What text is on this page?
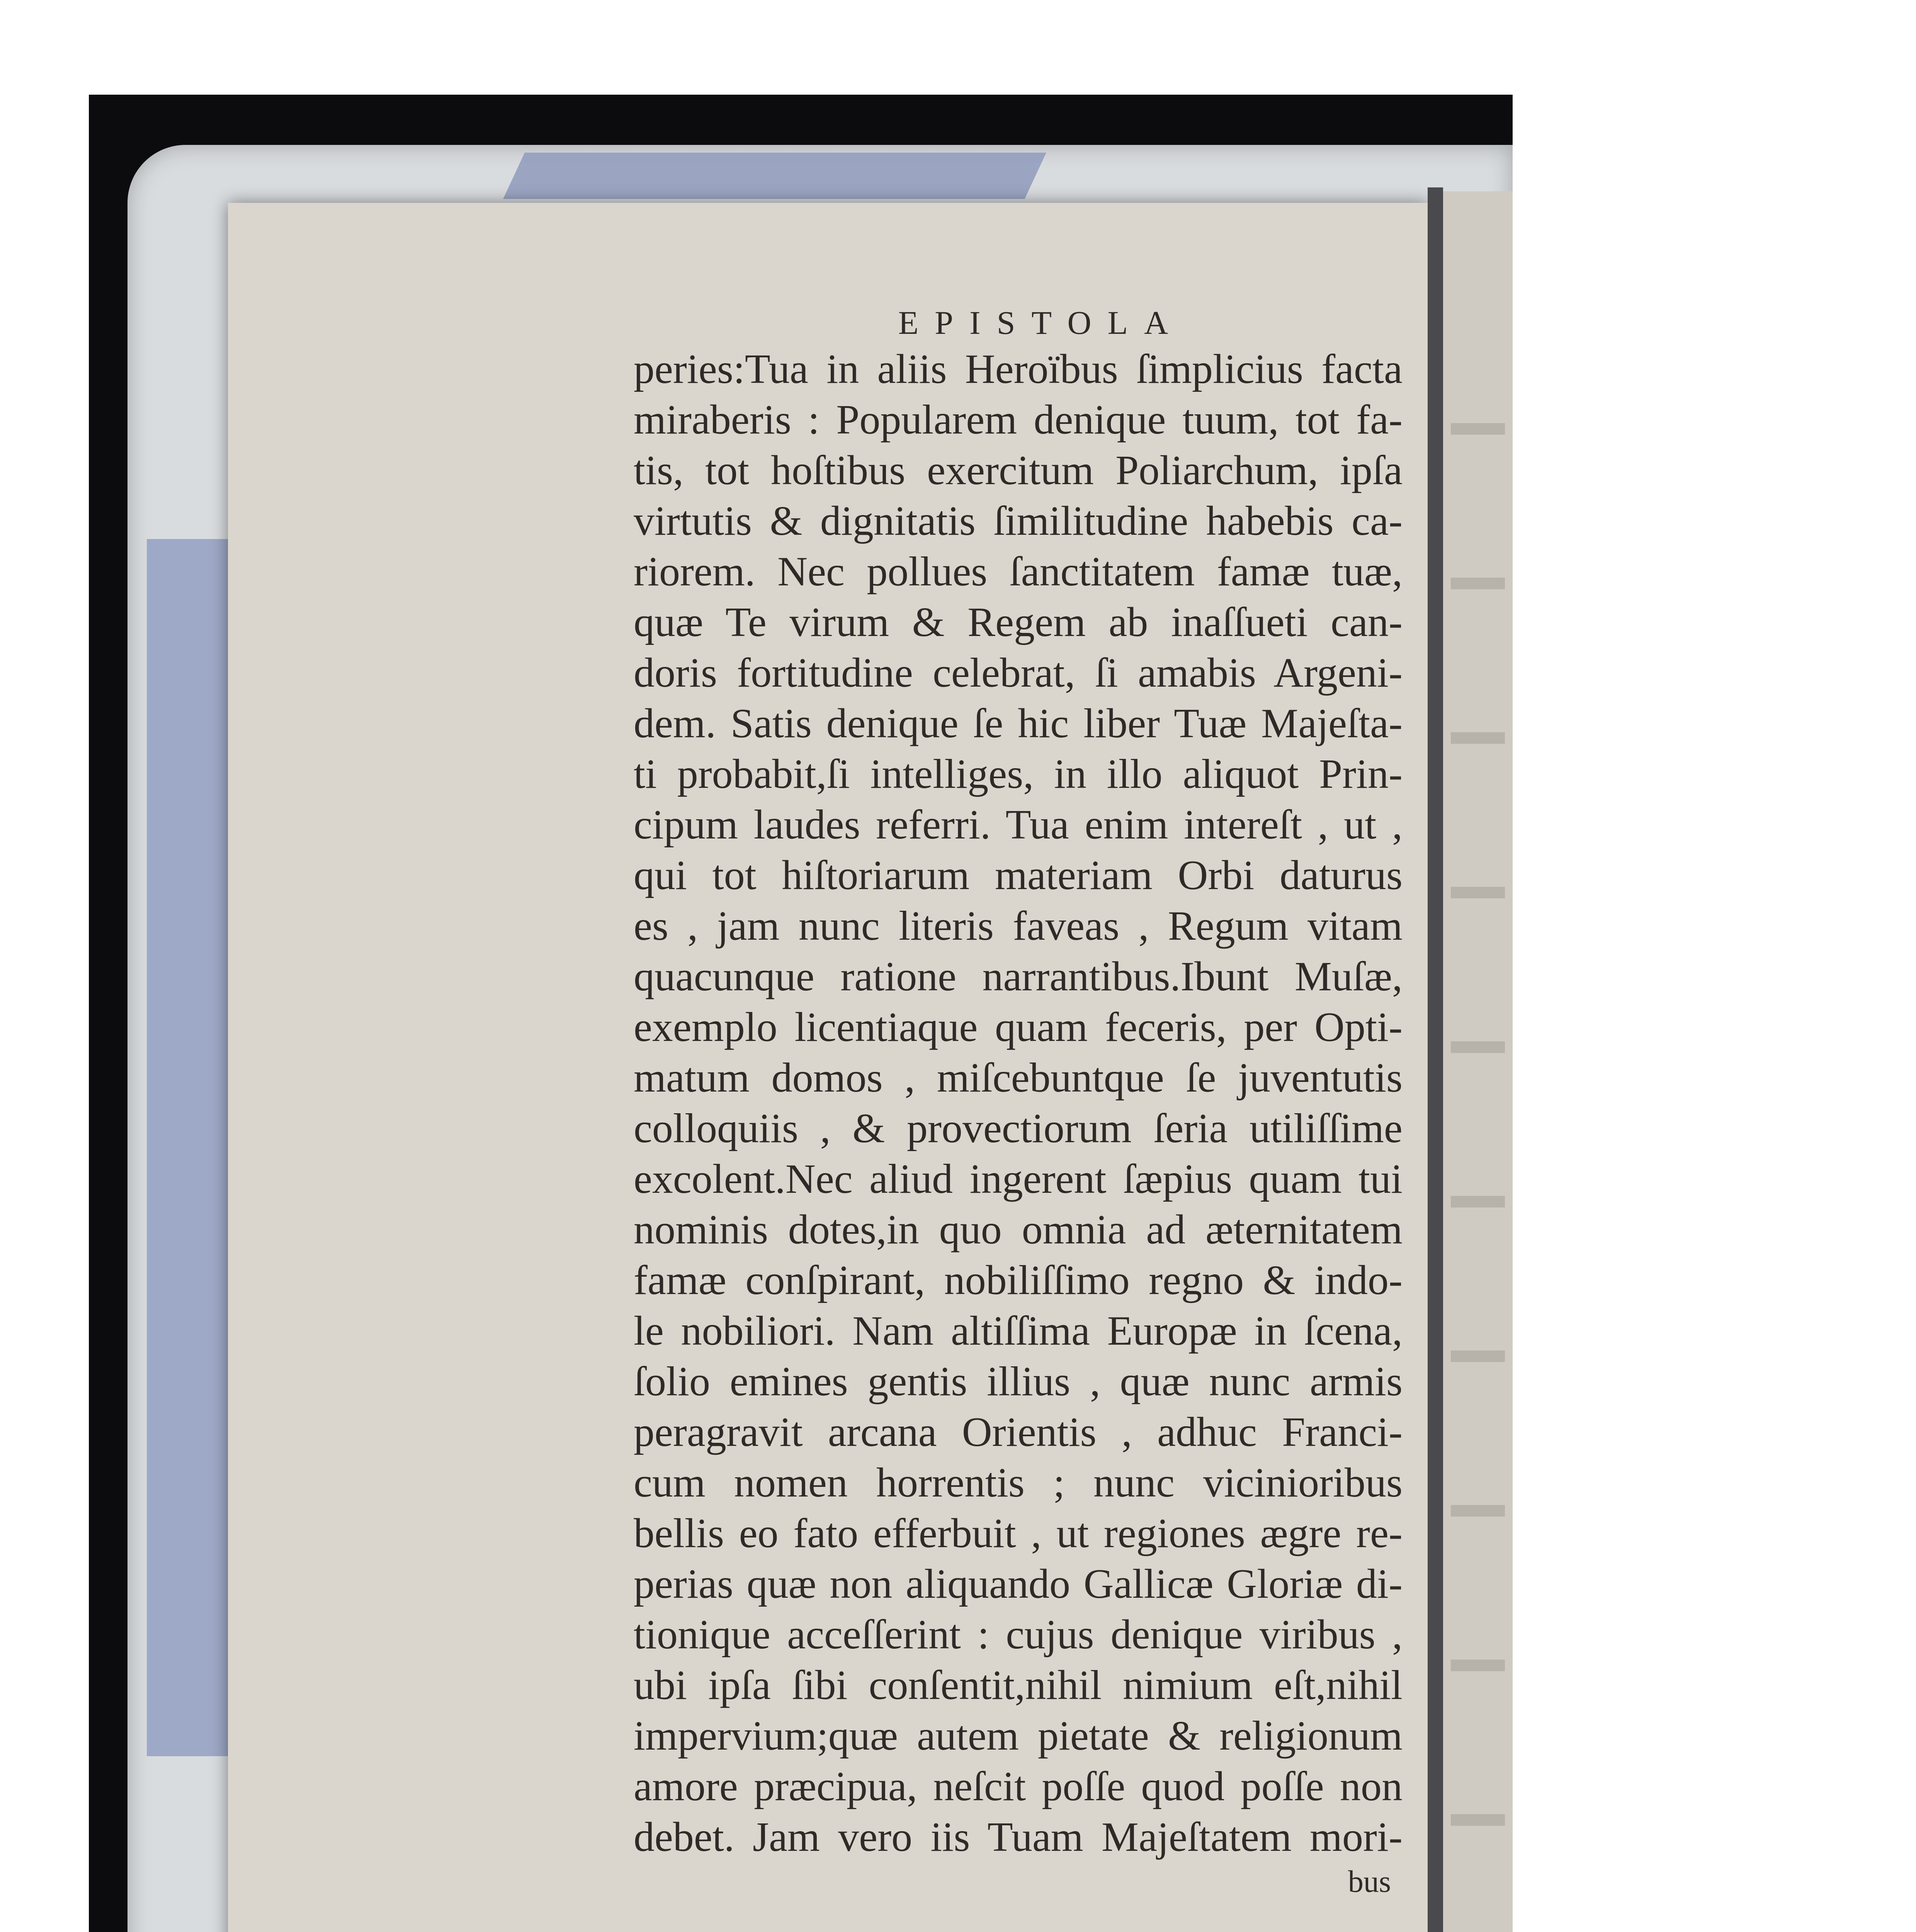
EPISTOLA
peries:Tua in aliis Heroïbus ſimplicius facta
miraberis : Popularem denique tuum, tot fa-
tis, tot hoſtibus exercitum Poliarchum, ipſa
virtutis & dignitatis ſimilitudine habebis ca-
riorem. Nec pollues ſanctitatem famæ tuæ,
quæ Te virum & Regem ab inaſſueti can-
doris fortitudine celebrat, ſi amabis Argeni-
dem. Satis denique ſe hic liber Tuæ Majeſta-
ti probabit,ſi intelliges, in illo aliquot Prin-
cipum laudes referri. Tua enim intereſt , ut ,
qui tot hiſtoriarum materiam Orbi daturus
es , jam nunc literis faveas , Regum vitam
quacunque ratione narrantibus.Ibunt Muſæ,
exemplo licentiaque quam feceris, per Opti-
matum domos , miſcebuntque ſe juventutis
colloquiis , & provectiorum ſeria utiliſſime
excolent.Nec aliud ingerent ſæpius quam tui
nominis dotes,in quo omnia ad æternitatem
famæ conſpirant, nobiliſſimo regno & indo-
le nobiliori. Nam altiſſima Europæ in ſcena,
ſolio emines gentis illius , quæ nunc armis
peragravit arcana Orientis , adhuc Franci-
cum nomen horrentis ; nunc vicinioribus
bellis eo fato efferbuit , ut regiones ægre re-
perias quæ non aliquando Gallicæ Gloriæ di-
tionique acceſſerint : cujus denique viribus ,
ubi ipſa ſibi conſentit,nihil nimium eſt,nihil
impervium;quæ autem pietate & religionum
amore præcipua, neſcit poſſe quod poſſe non
debet. Jam vero iis Tuam Majeſtatem mori-
bus
